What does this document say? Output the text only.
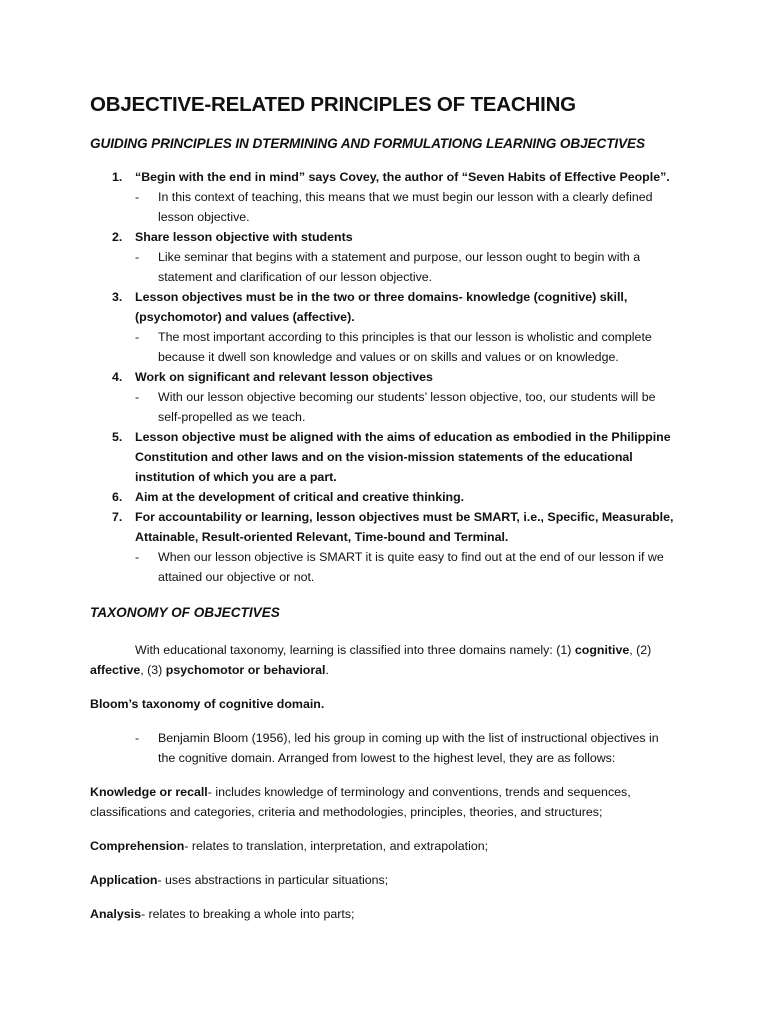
OBJECTIVE-RELATED PRINCIPLES OF TEACHING
GUIDING PRINCIPLES IN DTERMINING AND FORMULATIONG LEARNING OBJECTIVES
1. “Begin with the end in mind” says Covey, the author of “Seven Habits of Effective People”.
- In this context of teaching, this means that we must begin our lesson with a clearly defined lesson objective.
2. Share lesson objective with students
- Like seminar that begins with a statement and purpose, our lesson ought to begin with a statement and clarification of our lesson objective.
3. Lesson objectives must be in the two or three domains- knowledge (cognitive) skill, (psychomotor) and values (affective).
- The most important according to this principles is that our lesson is wholistic and complete because it dwell son knowledge and values or on skills and values or on knowledge.
4. Work on significant and relevant lesson objectives
- With our lesson objective becoming our students’ lesson objective, too, our students will be self-propelled as we teach.
5. Lesson objective must be aligned with the aims of education as embodied in the Philippine Constitution and other laws and on the vision-mission statements of the educational institution of which you are a part.
6. Aim at the development of critical and creative thinking.
7. For accountability or learning, lesson objectives must be SMART, i.e., Specific, Measurable, Attainable, Result-oriented Relevant, Time-bound and Terminal.
- When our lesson objective is SMART it is quite easy to find out at the end of our lesson if we attained our objective or not.
TAXONOMY OF OBJECTIVES

With educational taxonomy, learning is classified into three domains namely: (1) cognitive, (2) affective, (3) psychomotor or behavioral.

Bloom’s taxonomy of cognitive domain.

- Benjamin Bloom (1956), led his group in coming up with the list of instructional objectives in the cognitive domain. Arranged from lowest to the highest level, they are as follows:

Knowledge or recall- includes knowledge of terminology and conventions, trends and sequences, classifications and categories, criteria and methodologies, principles, theories, and structures;

Comprehension- relates to translation, interpretation, and extrapolation;

Application- uses abstractions in particular situations;

Analysis- relates to breaking a whole into parts;
